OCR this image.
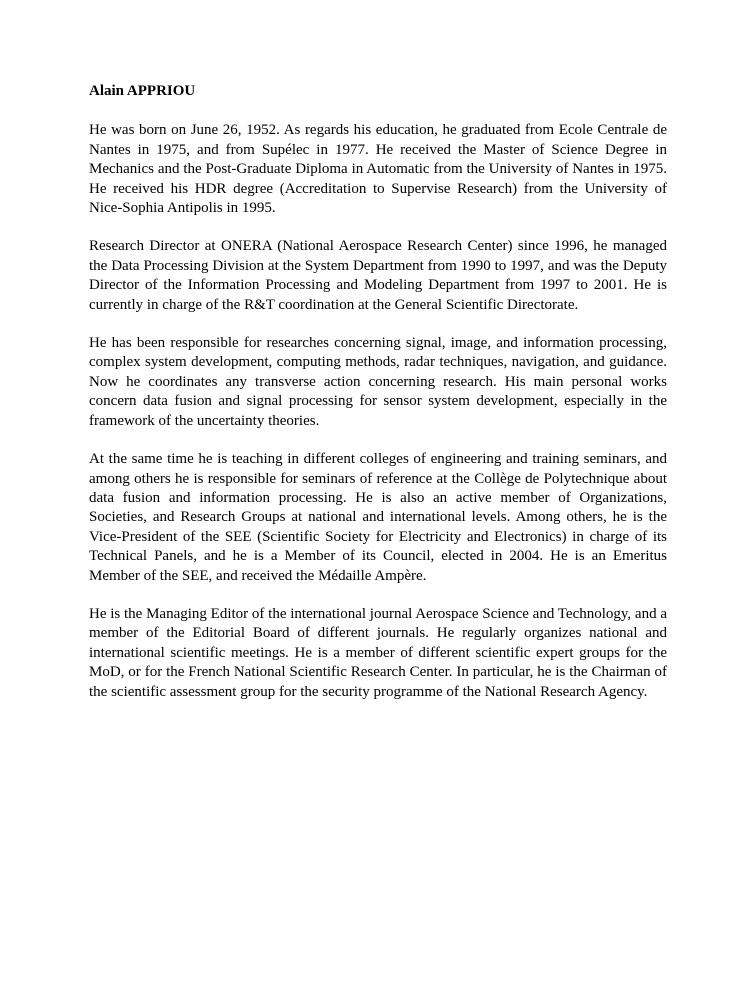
Alain APPRIOU

He was born on June 26, 1952. As regards his education, he graduated from Ecole Centrale de Nantes in 1975, and from Supélec in 1977. He received the Master of Science Degree in Mechanics and the Post-Graduate Diploma in Automatic from the University of Nantes in 1975. He received his HDR degree (Accreditation to Supervise Research) from the University of Nice-Sophia Antipolis in 1995.

Research Director at ONERA (National Aerospace Research Center) since 1996, he managed the Data Processing Division at the System Department from 1990 to 1997, and was the Deputy Director of the Information Processing and Modeling Department from 1997 to 2001. He is currently in charge of the R&T coordination at the General Scientific Directorate.

He has been responsible for researches concerning signal, image, and information processing, complex system development, computing methods, radar techniques, navigation, and guidance. Now he coordinates any transverse action concerning research. His main personal works concern data fusion and signal processing for sensor system development, especially in the framework of the uncertainty theories.

At the same time he is teaching in different colleges of engineering and training seminars, and among others he is responsible for seminars of reference at the Collège de Polytechnique about data fusion and information processing. He is also an active member of Organizations, Societies, and Research Groups at national and international levels. Among others, he is the Vice-President of the SEE (Scientific Society for Electricity and Electronics) in charge of its Technical Panels, and he is a Member of its Council, elected in 2004. He is an Emeritus Member of the SEE, and received the Médaille Ampère.

He is the Managing Editor of the international journal Aerospace Science and Technology, and a member of the Editorial Board of different journals. He regularly organizes national and international scientific meetings. He is a member of different scientific expert groups for the MoD, or for the French National Scientific Research Center. In particular, he is the Chairman of the scientific assessment group for the security programme of the National Research Agency.
